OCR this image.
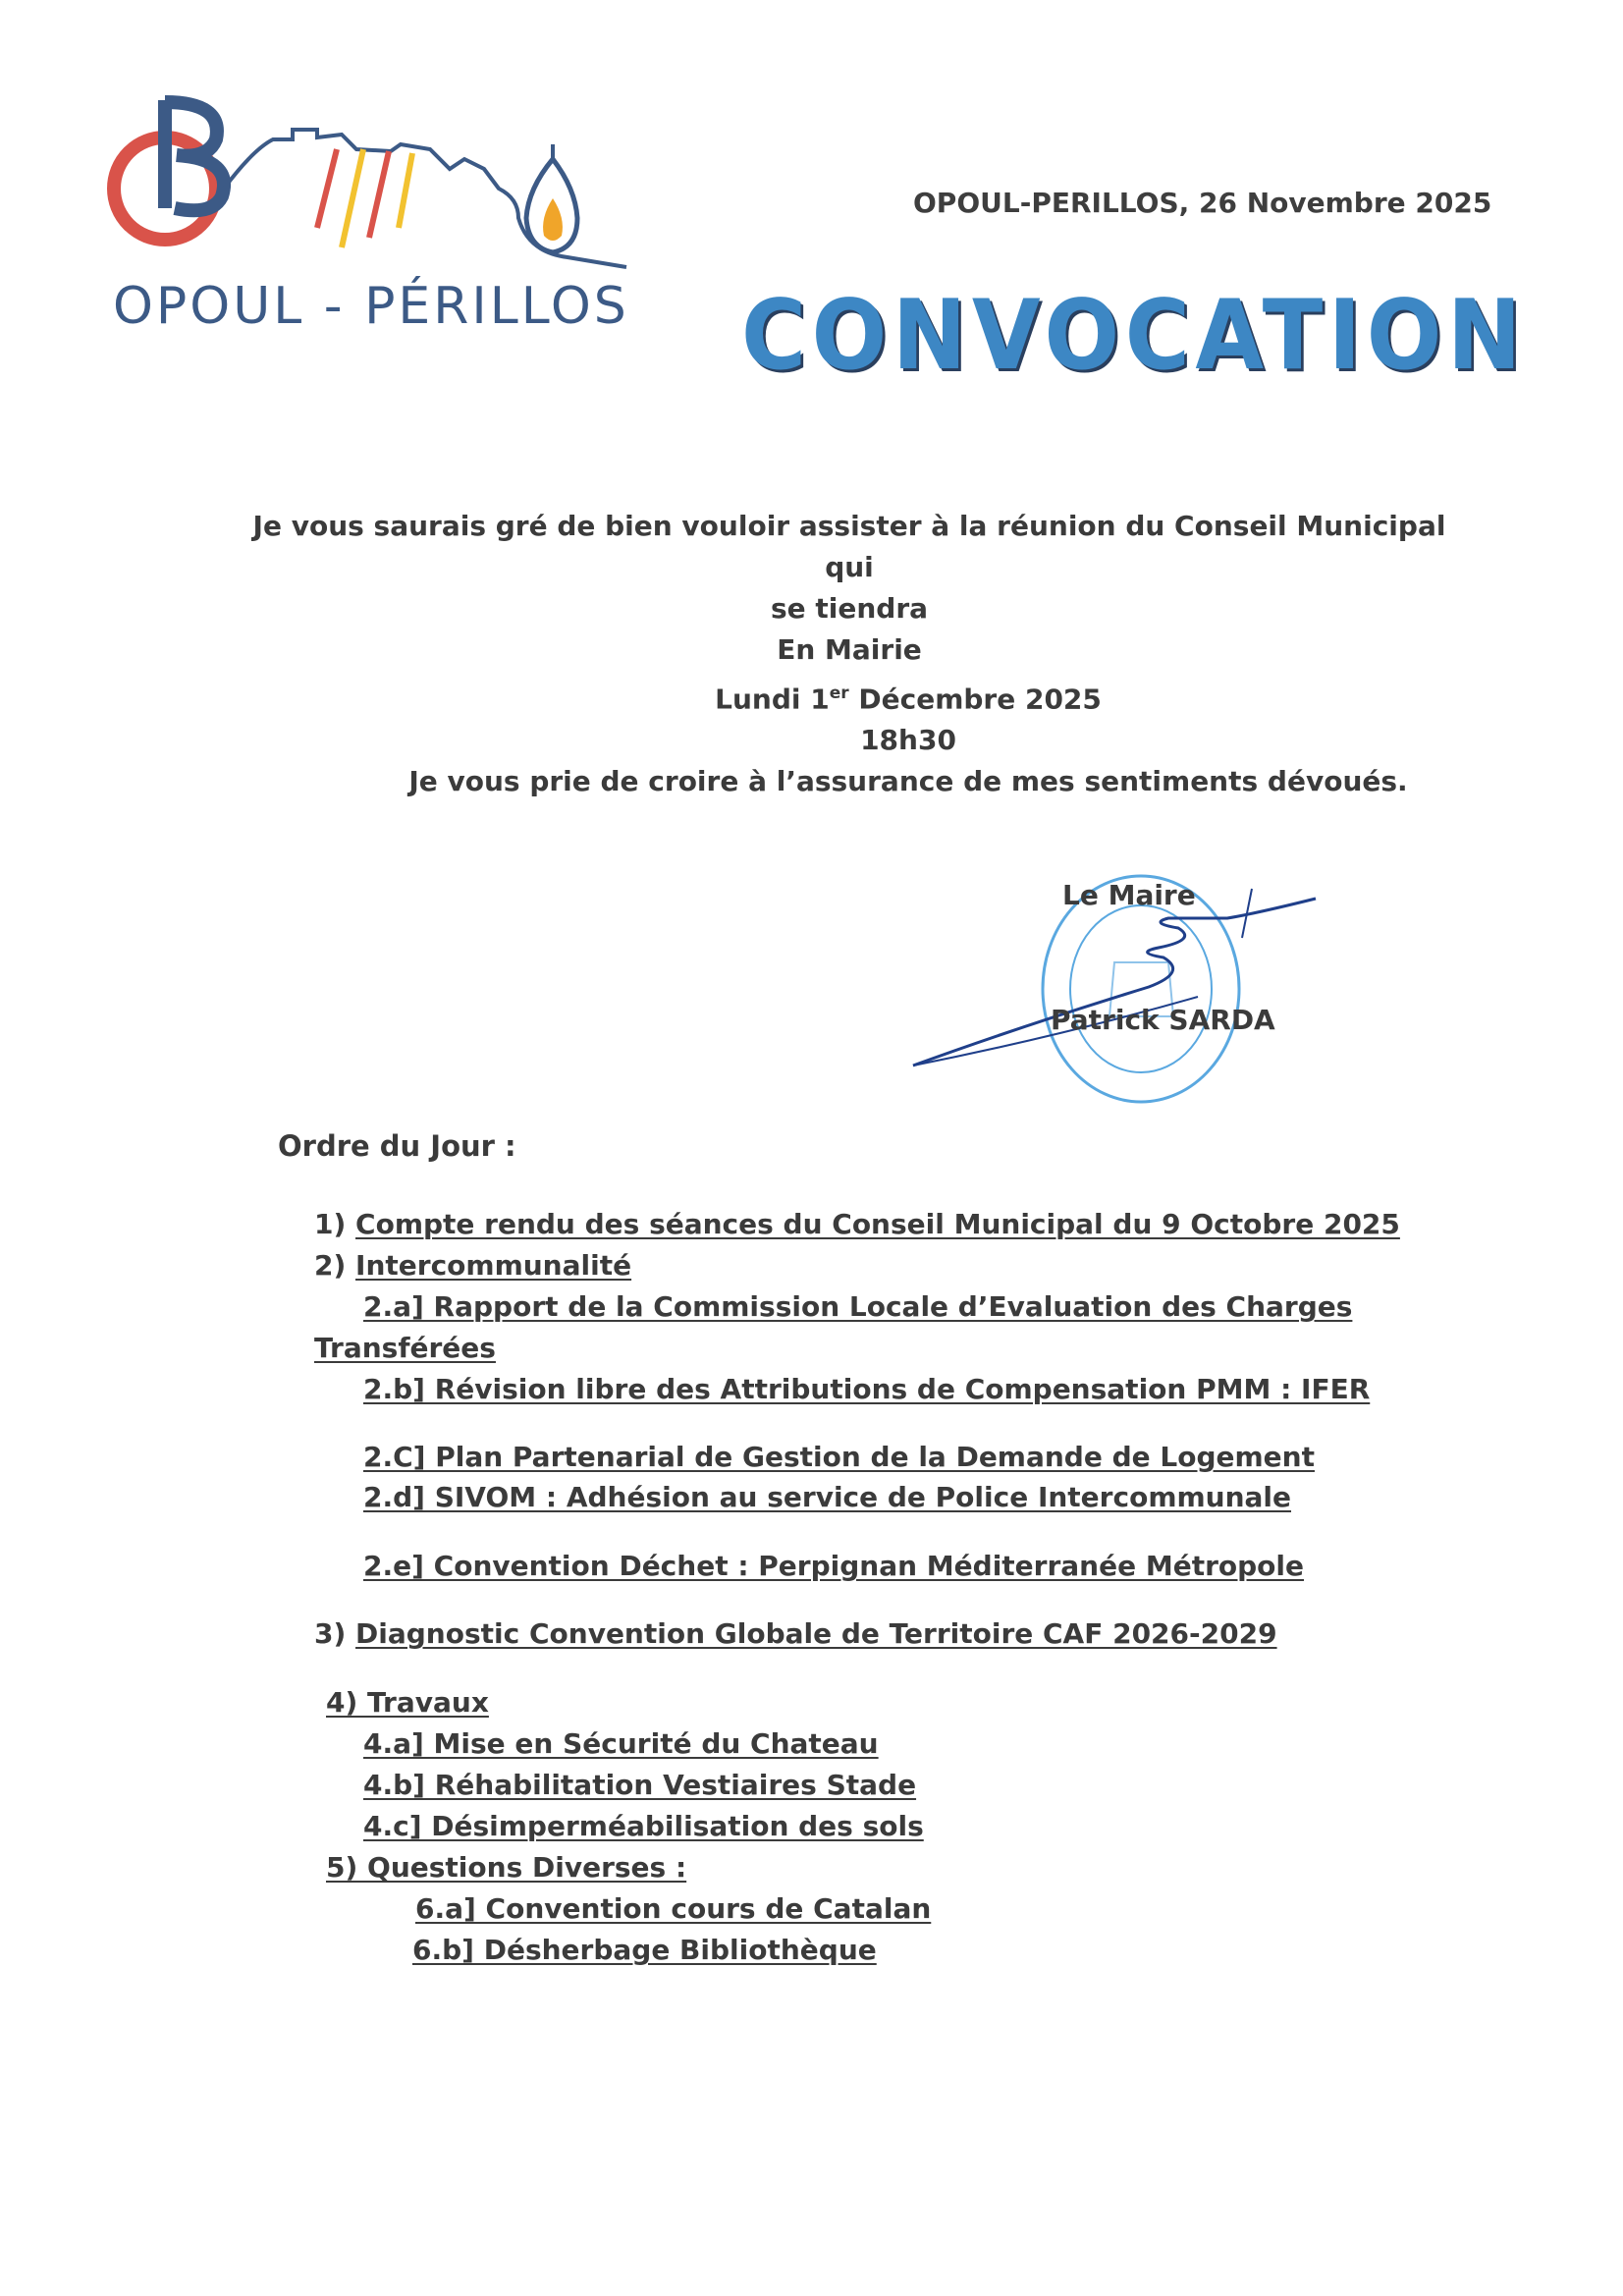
OPOUL - PÉRILLOS
OPOUL-PERILLOS, 26 Novembre 2025
CONVOCATION

Je vous saurais gré de bien vouloir assister à la réunion du Conseil Municipal qui

se tiendra

En Mairie

Lundi 1er Décembre 2025

18h30

Je vous prie de croire à l’assurance de mes sentiments dévoués.

Le Maire
Patrick SARDA
Ordre du Jour :
1) Compte rendu des séances du Conseil Municipal du 9 Octobre 2025
2) Intercommunalité
2.a] Rapport de la Commission Locale d’Evaluation des Charges
Transférées
2.b] Révision libre des Attributions de Compensation PMM : IFER
2.C] Plan Partenarial de Gestion de la Demande de Logement
2.d] SIVOM : Adhésion au service de Police Intercommunale
2.e] Convention Déchet : Perpignan Méditerranée Métropole
3) Diagnostic Convention Globale de Territoire CAF 2026-2029
4) Travaux
4.a] Mise en Sécurité du Chateau
4.b] Réhabilitation Vestiaires Stade
4.c] Désimperméabilisation des sols
5) Questions Diverses :
6.a] Convention cours de Catalan
6.b] Désherbage Bibliothèque
